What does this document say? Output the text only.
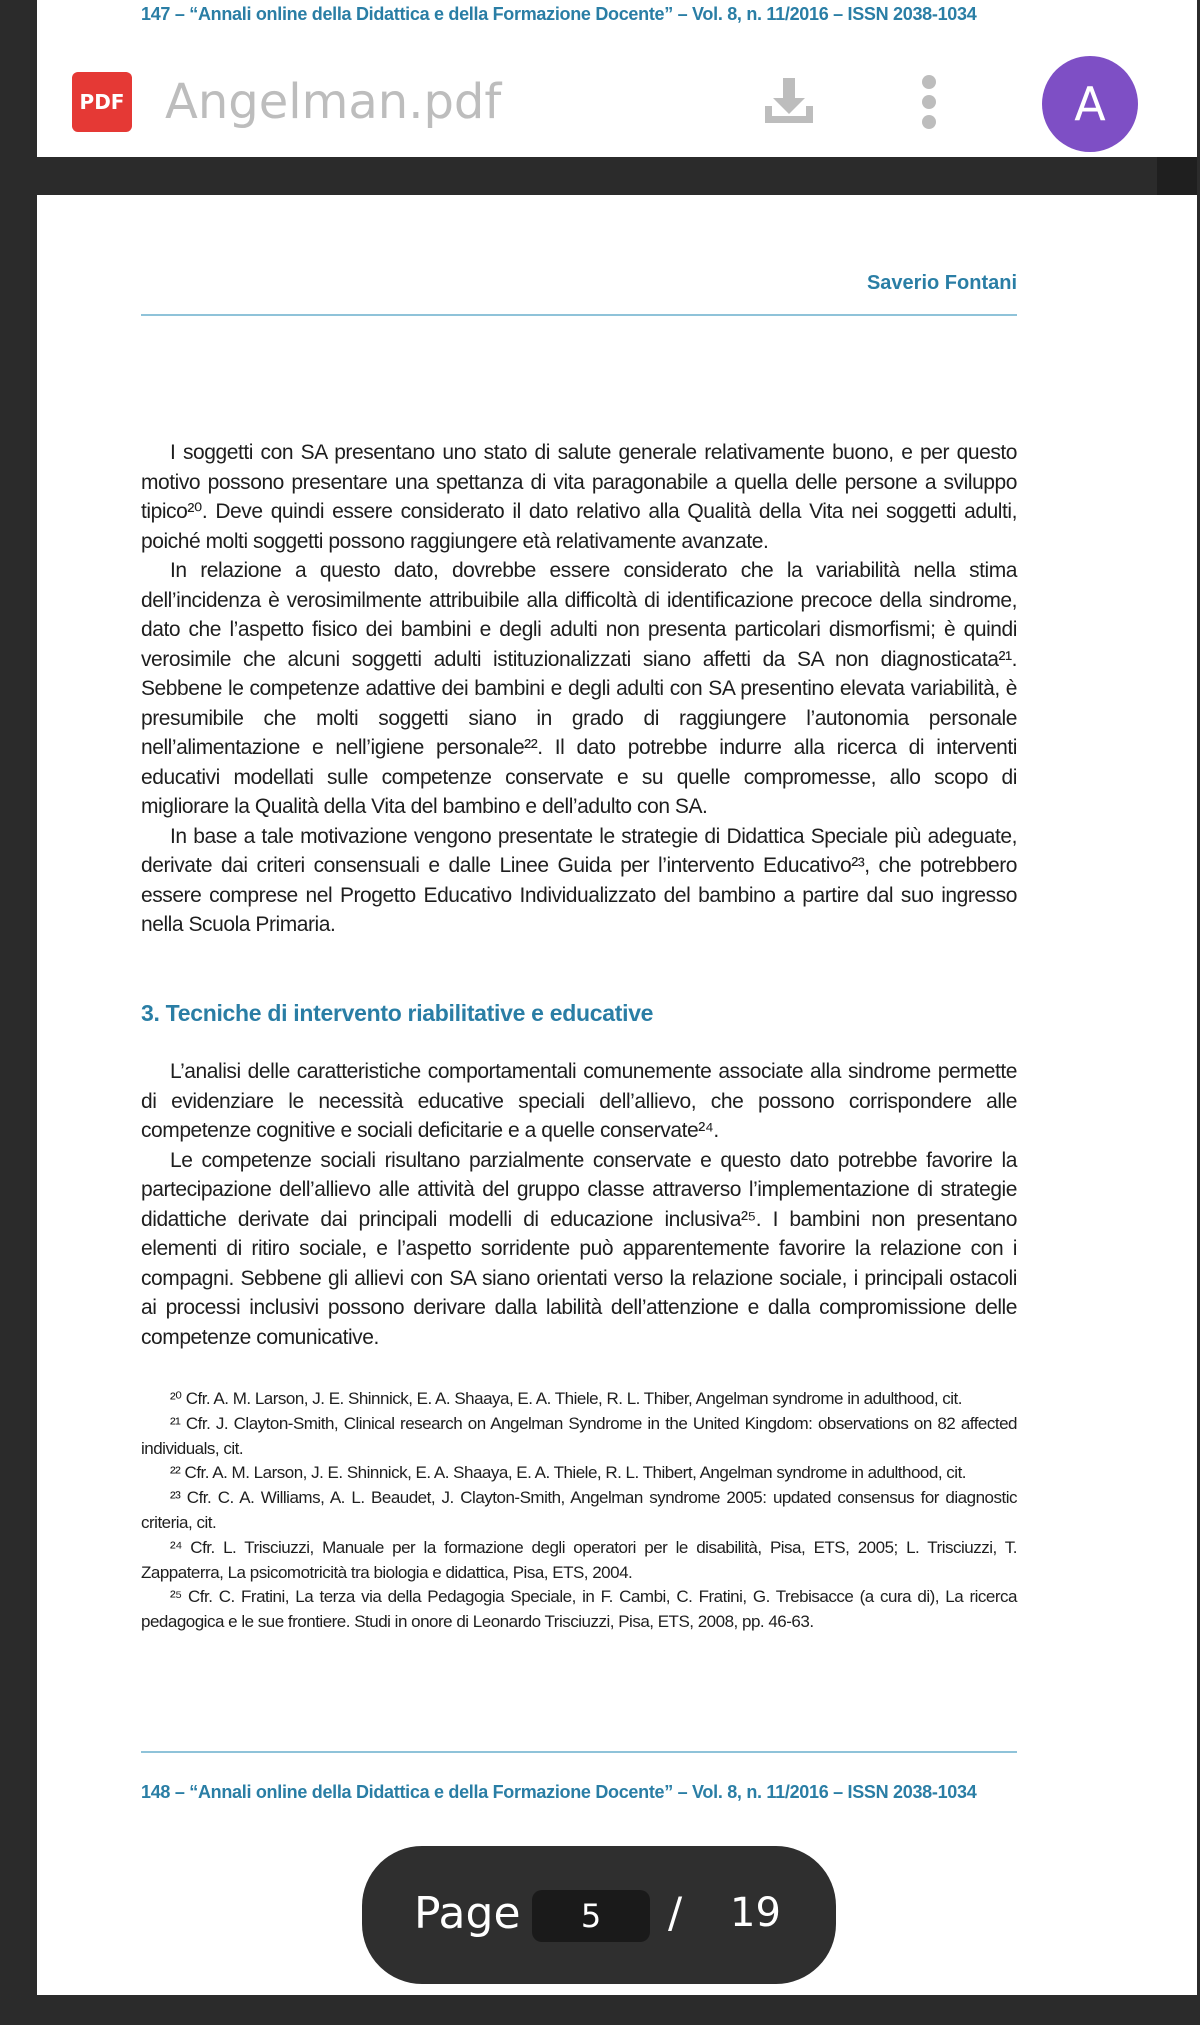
147 – “Annali online della Didattica e della Formazione Docente” – Vol. 8, n. 11/2016 – ISSN 2038-1034
Saverio Fontani

I soggetti con SA presentano uno stato di salute generale relativamente buono, e per questo motivo possono presentare una spettanza di vita paragonabile a quella delle persone a sviluppo tipico²⁰. Deve quindi essere considerato il dato relativo alla Qualità della Vita nei soggetti adulti, poiché molti soggetti possono raggiungere età relativamente avanzate.

In relazione a questo dato, dovrebbe essere considerato che la variabilità nella stima dell’incidenza è verosimilmente attribuibile alla difficoltà di identificazione precoce della sindrome, dato che l’aspetto fisico dei bambini e degli adulti non presenta particolari dismorfismi; è quindi verosimile che alcuni soggetti adulti istituzionalizzati siano affetti da SA non diagnosticata²¹. Sebbene le competenze adattive dei bambini e degli adulti con SA presentino elevata variabilità, è presumibile che molti soggetti siano in grado di raggiungere l’autonomia personale nell’alimentazione e nell’igiene personale²². Il dato potrebbe indurre alla ricerca di interventi educativi modellati sulle competenze conservate e su quelle compromesse, allo scopo di migliorare la Qualità della Vita del bambino e dell’adulto con SA.

In base a tale motivazione vengono presentate le strategie di Didattica Speciale più adeguate, derivate dai criteri consensuali e dalle Linee Guida per l’intervento Educativo²³, che potrebbero essere comprese nel Progetto Educativo Individualizzato del bambino a partire dal suo ingresso nella Scuola Primaria.

3. Tecniche di intervento riabilitative e educative

L’analisi delle caratteristiche comportamentali comunemente associate alla sindrome permette di evidenziare le necessità educative speciali dell’allievo, che possono corrispondere alle competenze cognitive e sociali deficitarie e a quelle conservate²⁴.

Le competenze sociali risultano parzialmente conservate e questo dato potrebbe favorire la partecipazione dell’allievo alle attività del gruppo classe attraverso l’implementazione di strategie didattiche derivate dai principali modelli di educazione inclusiva²⁵. I bambini non presentano elementi di ritiro sociale, e l’aspetto sorridente può apparentemente favorire la relazione con i compagni. Sebbene gli allievi con SA siano orientati verso la relazione sociale, i principali ostacoli ai processi inclusivi possono derivare dalla labilità dell’attenzione e dalla compromissione delle competenze comunicative.

²⁰ Cfr. A. M. Larson, J. E. Shinnick, E. A. Shaaya, E. A. Thiele, R. L. Thiber, Angelman syndrome in adulthood, cit.

²¹ Cfr. J. Clayton-Smith, Clinical research on Angelman Syndrome in the United Kingdom: observations on 82 affected individuals, cit.

²² Cfr. A. M. Larson, J. E. Shinnick, E. A. Shaaya, E. A. Thiele, R. L. Thibert, Angelman syndrome in adulthood, cit.

²³ Cfr. C. A. Williams, A. L. Beaudet, J. Clayton-Smith, Angelman syndrome 2005: updated consensus for diagnostic criteria, cit.

²⁴ Cfr. L. Trisciuzzi, Manuale per la formazione degli operatori per le disabilità, Pisa, ETS, 2005; L. Trisciuzzi, T. Zappaterra, La psicomotricità tra biologia e didattica, Pisa, ETS, 2004.

²⁵ Cfr. C. Fratini, La terza via della Pedagogia Speciale, in F. Cambi, C. Fratini, G. Trebisacce (a cura di), La ricerca pedagogica e le sue frontiere. Studi in onore di Leonardo Trisciuzzi, Pisa, ETS, 2008, pp. 46-63.

148 – “Annali online della Didattica e della Formazione Docente” – Vol. 8, n. 11/2016 – ISSN 2038-1034
PDF Angelman.pdf	A
Page
5	/ 19
